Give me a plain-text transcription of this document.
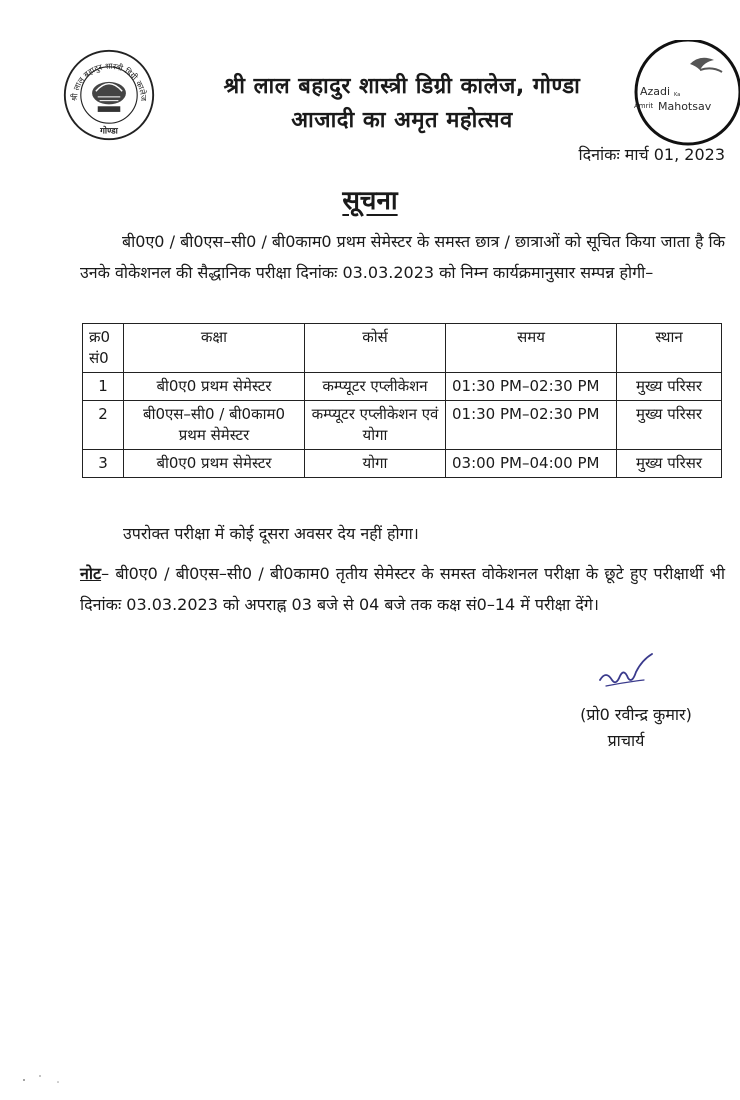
श्री लाल बहादुर शास्त्री डिग्री कालेज
गोण्डा
Azadi Ka
Amrit Mahotsav
श्री लाल बहादुर शास्त्री डिग्री कालेज, गोण्डा
आजादी का अमृत महोत्सव
दिनांकः मार्च 01, 2023
सूचना

बी0ए0 / बी0एस–सी0 / बी0काम0 प्रथम सेमेस्टर के समस्त छात्र / छात्राओं को सूचित किया जाता है कि उनके वोकेशनल की सैद्धानिक परीक्षा दिनांकः 03.03.2023 को निम्न कार्यक्रमानुसार सम्पन्न होगी–

क्र0 सं0	कक्षा	कोर्स	समय	स्थान
1	बी0ए0 प्रथम सेमेस्टर	कम्प्यूटर एप्लीकेशन	01:30 PM–02:30 PM	मुख्य परिसर
2	बी0एस–सी0 / बी0काम0 प्रथम सेमेस्टर	कम्प्यूटर एप्लीकेशन एवं योगा	01:30 PM–02:30 PM	मुख्य परिसर
3	बी0ए0 प्रथम सेमेस्टर	योगा	03:00 PM–04:00 PM	मुख्य परिसर
उपरोक्त परीक्षा में कोई दूसरा अवसर देय नहीं होगा।
नोट– बी0ए0 / बी0एस–सी0 / बी0काम0 तृतीय सेमेस्टर के समस्त वोकेशनल परीक्षा के छूटे हुए परीक्षार्थी भी दिनांकः 03.03.2023 को अपराह्न 03 बजे से 04 बजे तक कक्ष सं0–14 में परीक्षा देंगे।
(प्रो0 रवीन्द्र कुमार)
प्राचार्य
